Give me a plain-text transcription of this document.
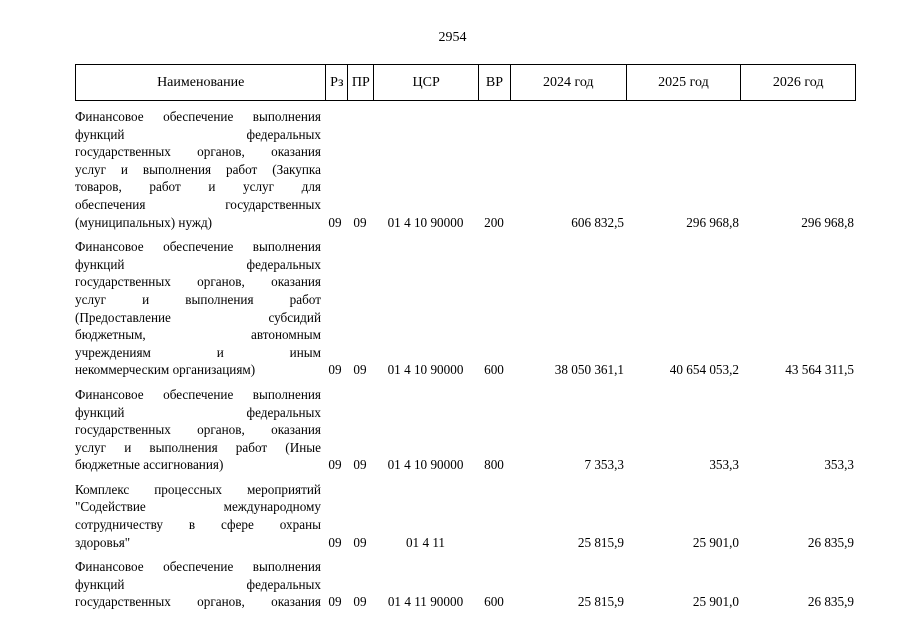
2954
Наименование	Рз ПР	ЦСР	ВР	2024 год	2025 год	2026 год
Финансовое обеспечение выполнения
функций федеральных
государственных органов, оказания
услуг и выполнения работ (Закупка
товаров, работ и услуг для
обеспечения государственных
(муниципальных) нужд)	09 09	01 4 10 90000	200	606 832,5	296 968,8	296 968,8
Финансовое обеспечение выполнения
функций федеральных
государственных органов, оказания
услуг и выполнения работ
(Предоставление субсидий
бюджетным, автономным
учреждениям и иным
некоммерческим организациям)	09 09	01 4 10 90000	600	38 050 361,1	40 654 053,2	43 564 311,5
Финансовое обеспечение выполнения
функций федеральных
государственных органов, оказания
услуг и выполнения работ (Иные
бюджетные ассигнования)	09 09	01 4 10 90000	800	7 353,3	353,3	353,3
Комплекс процессных мероприятий
"Содействие международному
сотрудничеству в сфере охраны
здоровья"	09 09	01 4 11	25 815,9	25 901,0	26 835,9
Финансовое обеспечение выполнения
функций федеральных
государственных органов, оказания 09 09	01 4 11 90000	600	25 815,9	25 901,0	26 835,9
